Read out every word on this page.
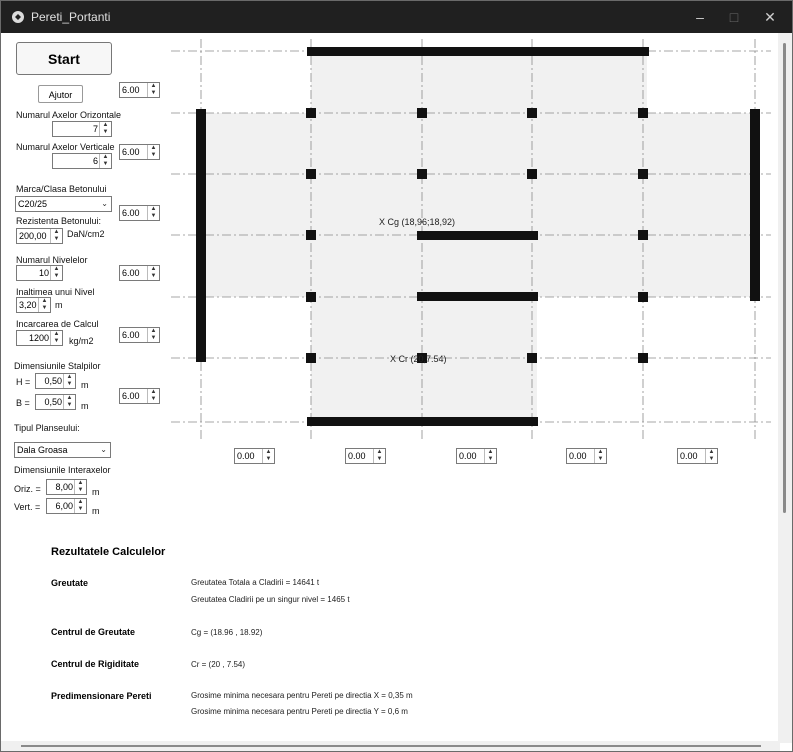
Pereti_Portanti	–	□	✕
Start
Ajutor
Numarul Axelor Orizontale
7 ▲
▼
Numarul Axelor Verticale
6 ▲
▼
Marca/Clasa Betonului
C20/25	⌄
Rezistenta Betonului:
200,00	▲
▼ DaN/cm2
Numarul Nivelelor
10 ▲
▼
Inaltimea unui Nivel
3,20 ▲
▼ m
Incarcarea de Calcul
1200 ▲
▼ kg/m2
Dimensiunile Stalpilor
H =	0,50 ▲
▼ m
B =	0,50 ▲
▼ m
Tipul Planseului:
Dala Groasa	⌄
Dimensiunile Interaxelor
Oriz. =	8,00 ▲
▼ m
Vert. =	6,00 ▲
▼ m
6.00	▲
▼
6.00	▲
▼
6.00	▲
▼
6.00	▲
▼
6.00	▲
▼
6.00	▲
▼
X Cg (18,96;18,92)
X Cr (20,7.54)
0.00	▲
▼	0.00	▲
▼	0.00	▲
▼	0.00	▲
▼	0.00	▲
▼
Rezultatele Calculelor
Greutate	Greutatea Totala a Cladirii = 14641 t
Greutatea Cladirii pe un singur nivel = 1465 t
Centrul de Greutate	Cg = (18.96 , 18.92)
Centrul de Rigiditate	Cr = (20 , 7.54)
Predimensionare Pereti	Grosime minima necesara pentru Pereti pe directia X = 0,35 m
Grosime minima necesara pentru Pereti pe directia Y = 0,6 m
